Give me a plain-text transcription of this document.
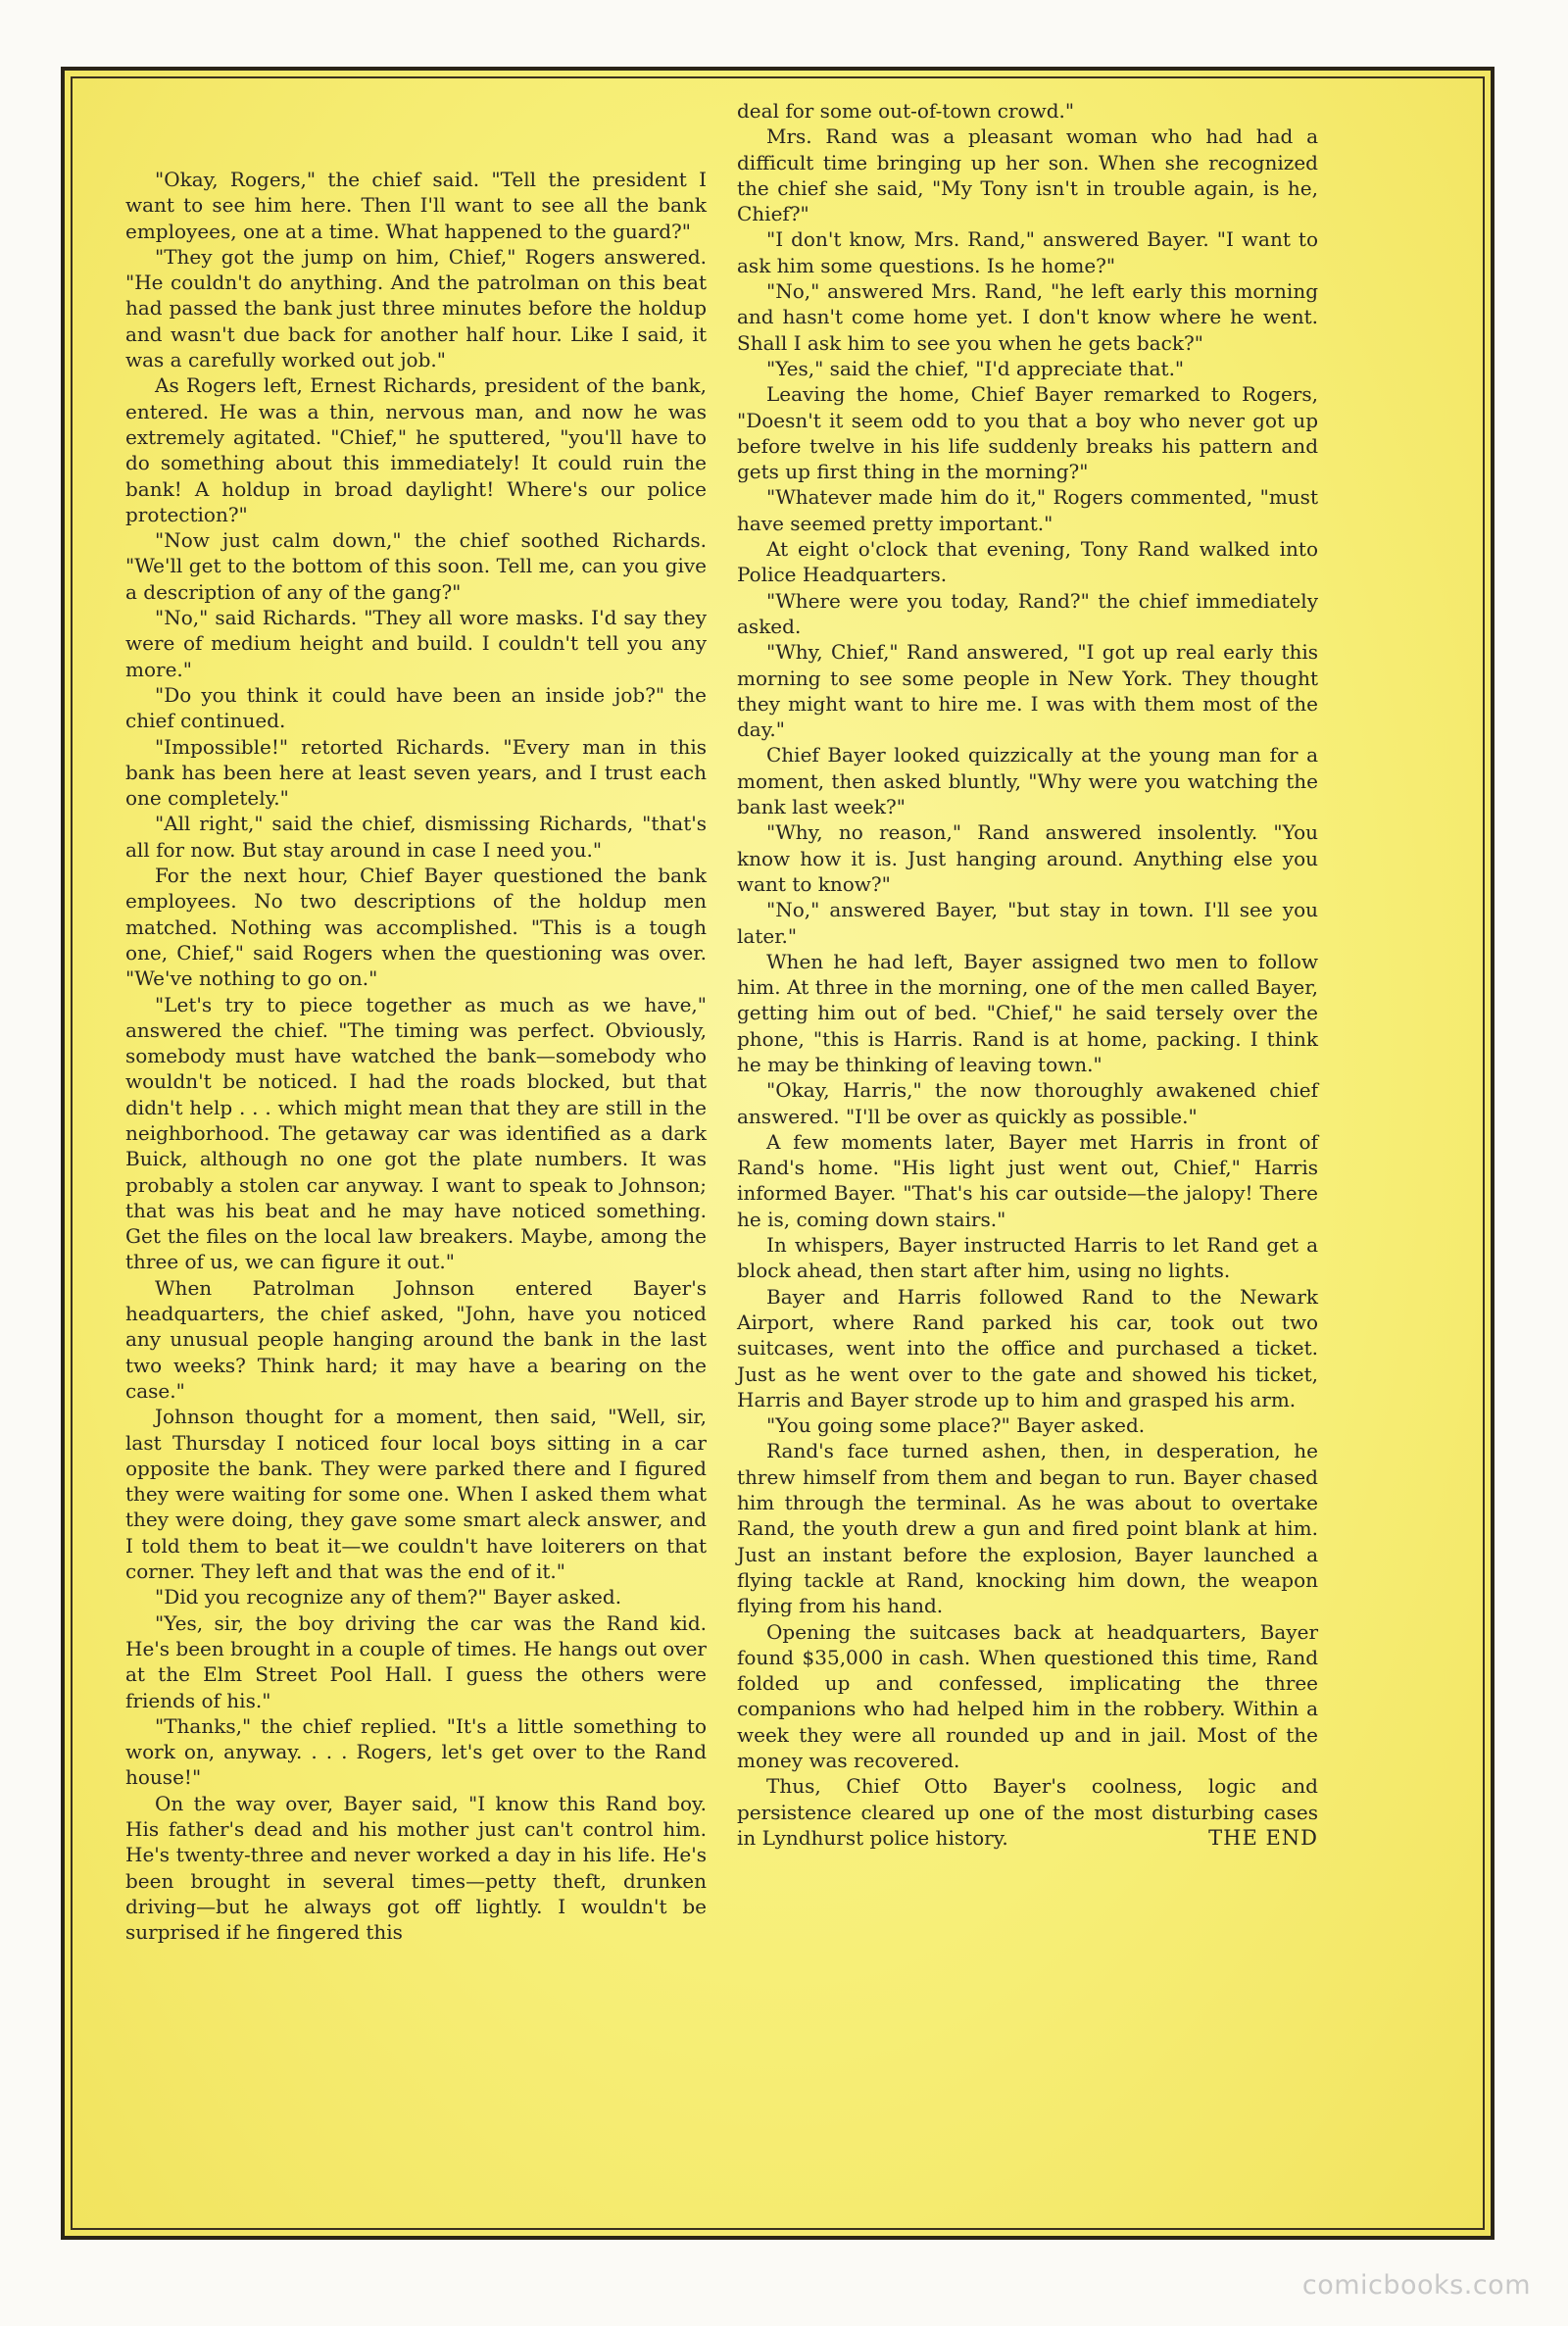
"Okay, Rogers," the chief said. "Tell the president I want to see him here. Then I'll want to see all the bank employees, one at a time. What happened to the guard?"

"They got the jump on him, Chief," Rogers answered. "He couldn't do anything. And the patrolman on this beat had passed the bank just three minutes before the holdup and wasn't due back for another half hour. Like I said, it was a carefully worked out job."

As Rogers left, Ernest Richards, president of the bank, entered. He was a thin, nervous man, and now he was extremely agitated. "Chief," he sputtered, "you'll have to do something about this immediately! It could ruin the bank! A holdup in broad daylight! Where's our police protection?"

"Now just calm down," the chief soothed Richards. "We'll get to the bottom of this soon. Tell me, can you give a description of any of the gang?"

"No," said Richards. "They all wore masks. I'd say they were of medium height and build. I couldn't tell you any more."

"Do you think it could have been an inside job?" the chief continued.

"Impossible!" retorted Richards. "Every man in this bank has been here at least seven years, and I trust each one completely."

"All right," said the chief, dismissing Richards, "that's all for now. But stay around in case I need you."

For the next hour, Chief Bayer questioned the bank employees. No two descriptions of the holdup men matched. Nothing was accomplished. "This is a tough one, Chief," said Rogers when the questioning was over. "We've nothing to go on."

"Let's try to piece together as much as we have," answered the chief. "The timing was perfect. Obviously, somebody must have watched the bank—somebody who wouldn't be noticed. I had the roads blocked, but that didn't help . . . which might mean that they are still in the neighborhood. The getaway car was identified as a dark Buick, although no one got the plate numbers. It was probably a stolen car anyway. I want to speak to Johnson; that was his beat and he may have noticed something. Get the files on the local law breakers. Maybe, among the three of us, we can figure it out."

When Patrolman Johnson entered Bayer's headquarters, the chief asked, "John, have you noticed any unusual people hanging around the bank in the last two weeks? Think hard; it may have a bearing on the case."

Johnson thought for a moment, then said, "Well, sir, last Thursday I noticed four local boys sitting in a car opposite the bank. They were parked there and I figured they were waiting for some one. When I asked them what they were doing, they gave some smart aleck answer, and I told them to beat it—we couldn't have loiterers on that corner. They left and that was the end of it."

"Did you recognize any of them?" Bayer asked.

"Yes, sir, the boy driving the car was the Rand kid. He's been brought in a couple of times. He hangs out over at the Elm Street Pool Hall. I guess the others were friends of his."

"Thanks," the chief replied. "It's a little something to work on, anyway. . . . Rogers, let's get over to the Rand house!"

On the way over, Bayer said, "I know this Rand boy. His father's dead and his mother just can't control him. He's twenty-three and never worked a day in his life. He's been brought in several times—petty theft, drunken driving—but he always got off lightly. I wouldn't be surprised if he fingered this

deal for some out-of-town crowd."

Mrs. Rand was a pleasant woman who had had a difficult time bringing up her son. When she recognized the chief she said, "My Tony isn't in trouble again, is he, Chief?"

"I don't know, Mrs. Rand," answered Bayer. "I want to ask him some questions. Is he home?"

"No," answered Mrs. Rand, "he left early this morning and hasn't come home yet. I don't know where he went. Shall I ask him to see you when he gets back?"

"Yes," said the chief, "I'd appreciate that."

Leaving the home, Chief Bayer remarked to Rogers, "Doesn't it seem odd to you that a boy who never got up before twelve in his life suddenly breaks his pattern and gets up first thing in the morning?"

"Whatever made him do it," Rogers commented, "must have seemed pretty important."

At eight o'clock that evening, Tony Rand walked into Police Headquarters.

"Where were you today, Rand?" the chief immediately asked.

"Why, Chief," Rand answered, "I got up real early this morning to see some people in New York. They thought they might want to hire me. I was with them most of the day."

Chief Bayer looked quizzically at the young man for a moment, then asked bluntly, "Why were you watching the bank last week?"

"Why, no reason," Rand answered insolently. "You know how it is. Just hanging around. Anything else you want to know?"

"No," answered Bayer, "but stay in town. I'll see you later."

When he had left, Bayer assigned two men to follow him. At three in the morning, one of the men called Bayer, getting him out of bed. "Chief," he said tersely over the phone, "this is Harris. Rand is at home, packing. I think he may be thinking of leaving town."

"Okay, Harris," the now thoroughly awakened chief answered. "I'll be over as quickly as possible."

A few moments later, Bayer met Harris in front of Rand's home. "His light just went out, Chief," Harris informed Bayer. "That's his car outside—the jalopy! There he is, coming down stairs."

In whispers, Bayer instructed Harris to let Rand get a block ahead, then start after him, using no lights.

Bayer and Harris followed Rand to the Newark Airport, where Rand parked his car, took out two suitcases, went into the office and purchased a ticket. Just as he went over to the gate and showed his ticket, Harris and Bayer strode up to him and grasped his arm.

"You going some place?" Bayer asked.

Rand's face turned ashen, then, in desperation, he threw himself from them and began to run. Bayer chased him through the terminal. As he was about to overtake Rand, the youth drew a gun and fired point blank at him. Just an instant before the explosion, Bayer launched a flying tackle at Rand, knocking him down, the weapon flying from his hand.

Opening the suitcases back at headquarters, Bayer found $35,000 in cash. When questioned this time, Rand folded up and confessed, implicating the three companions who had helped him in the robbery. Within a week they were all rounded up and in jail. Most of the money was recovered.

Thus, Chief Otto Bayer's coolness, logic and persistence cleared up one of the most disturbing cases in Lyndhurst police history.	THE END

comicbooks.com
